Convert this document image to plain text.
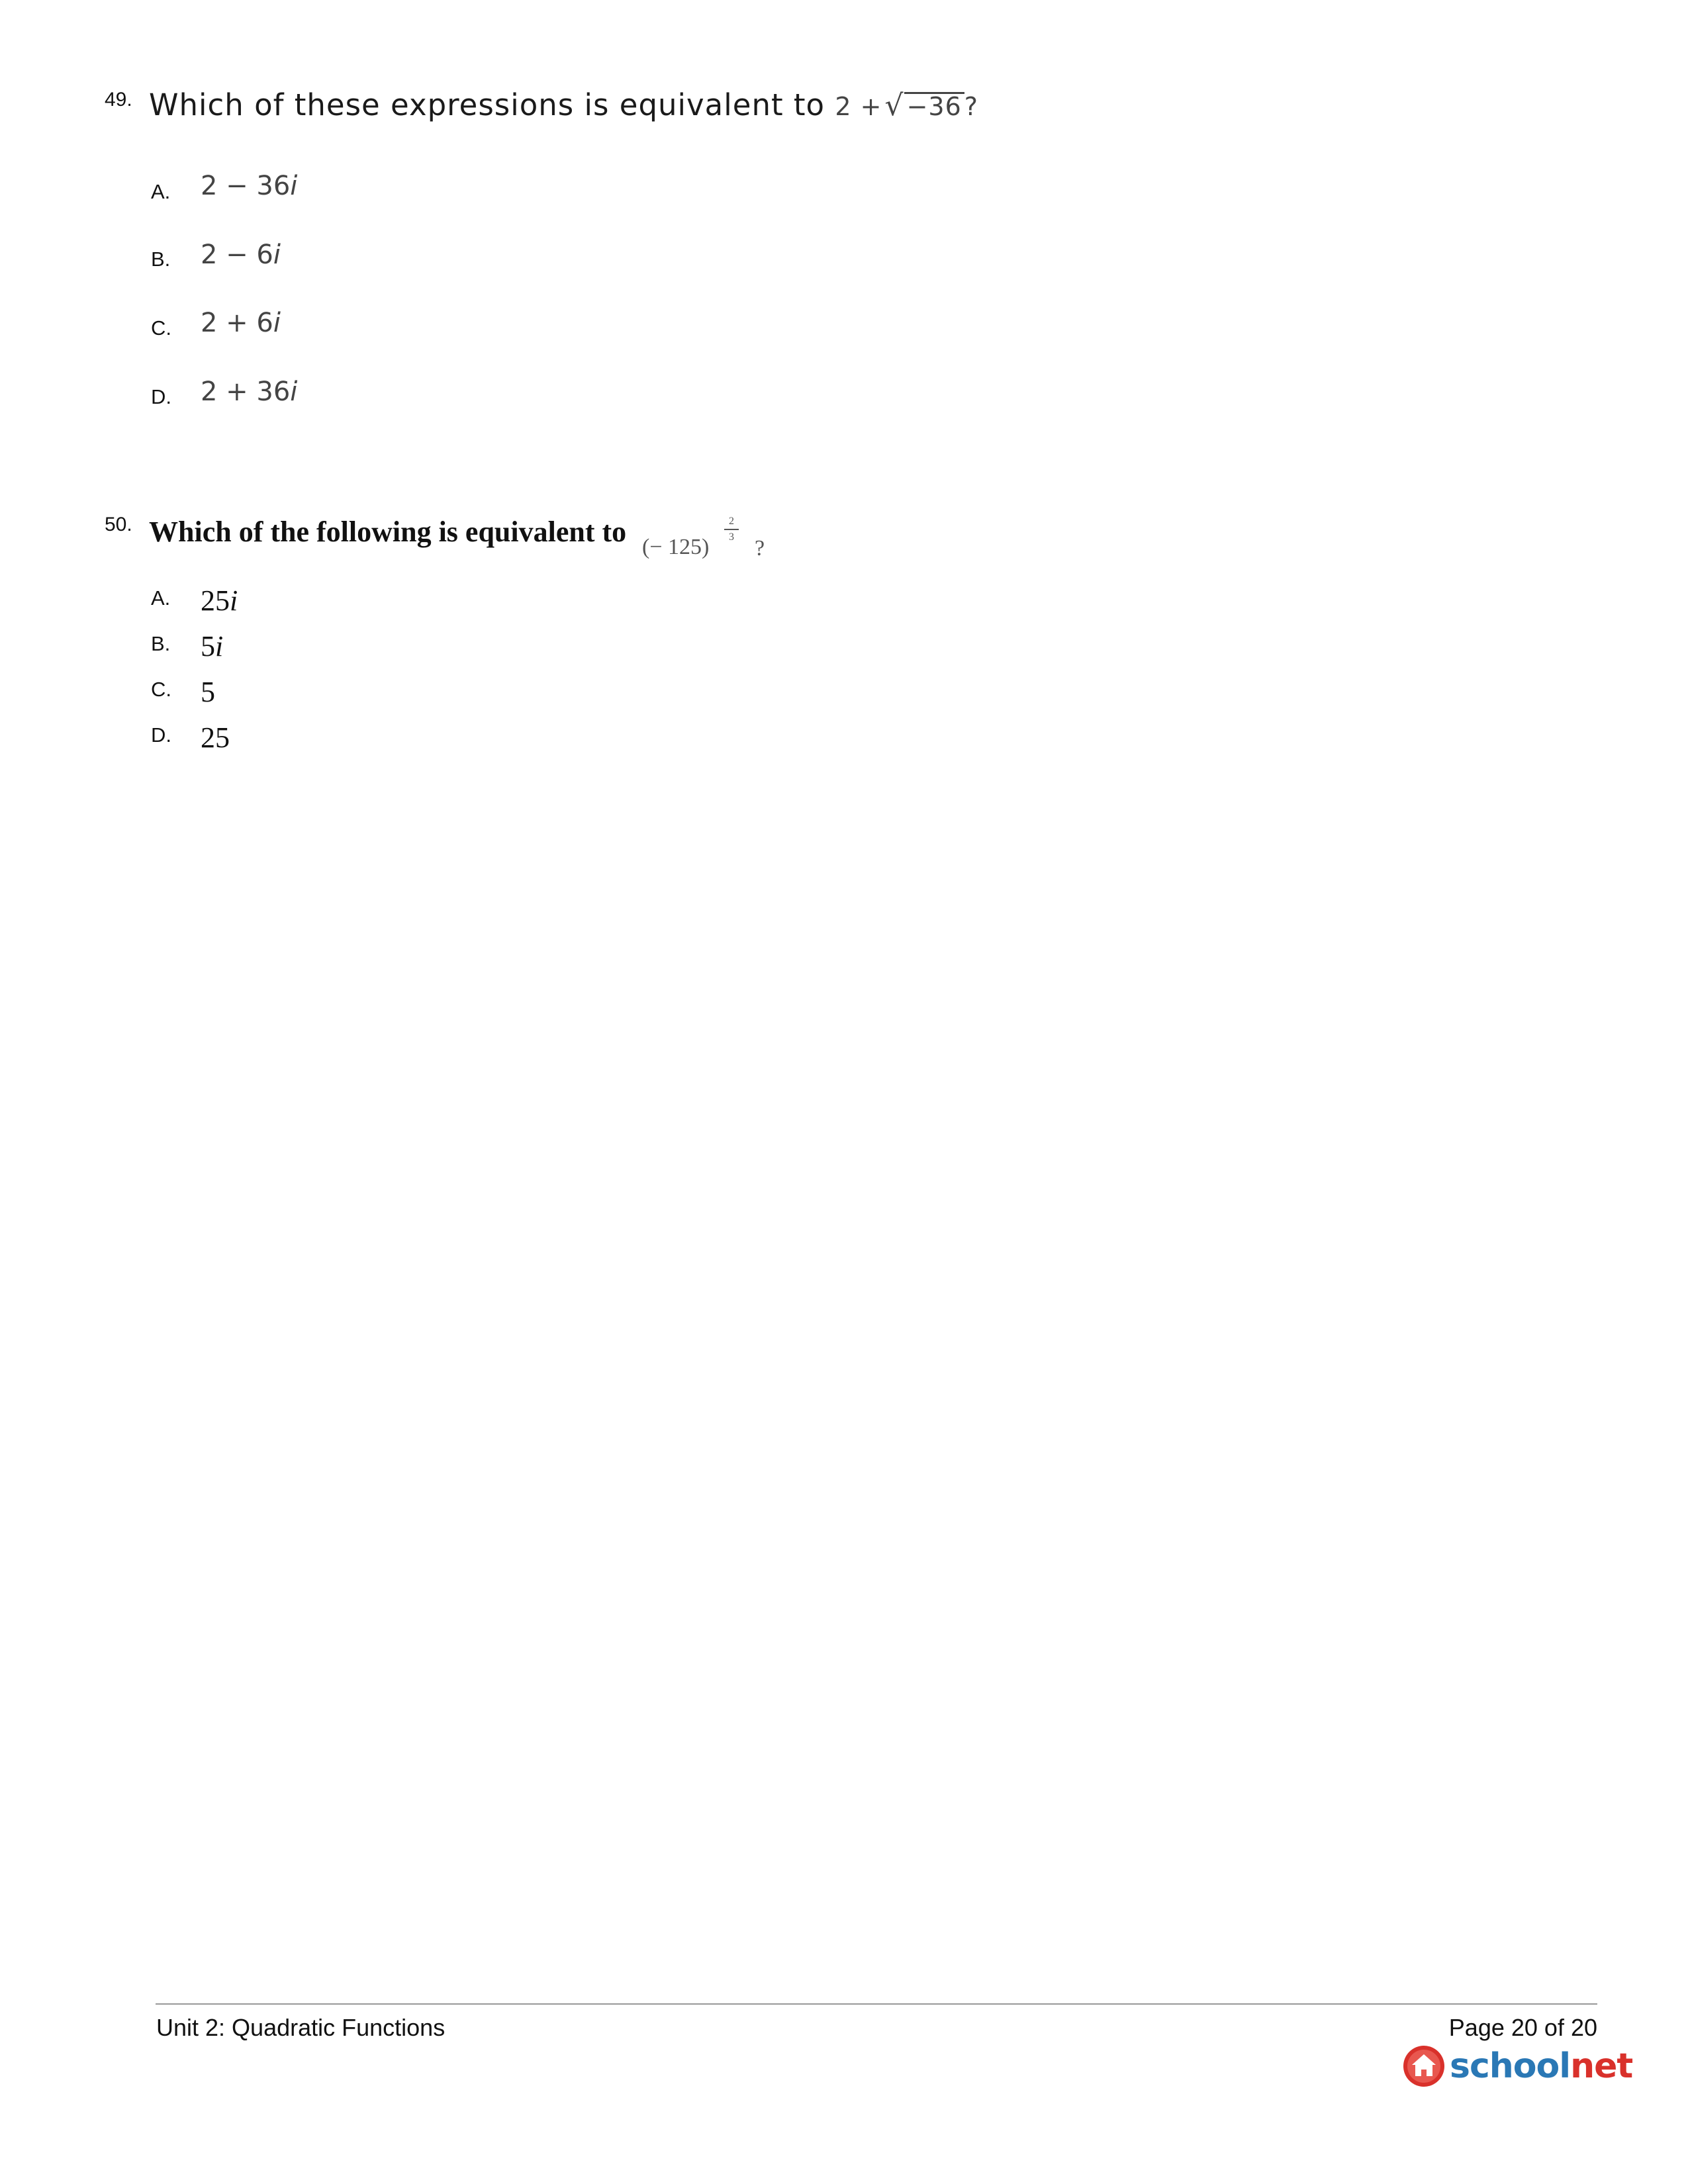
49. Which of these expressions is equivalent to 2 +√ −36 ?
A. 2 − 36i
B. 2 − 6i
C. 2 + 6i
D. 2 + 36i
50. Which of the following is equivalent to (− 125)
2
3 ?
A. 25i
B. 5i
C. 5
D. 25
Unit 2: Quadratic Functions	Page 20 of 20
schoolnet
